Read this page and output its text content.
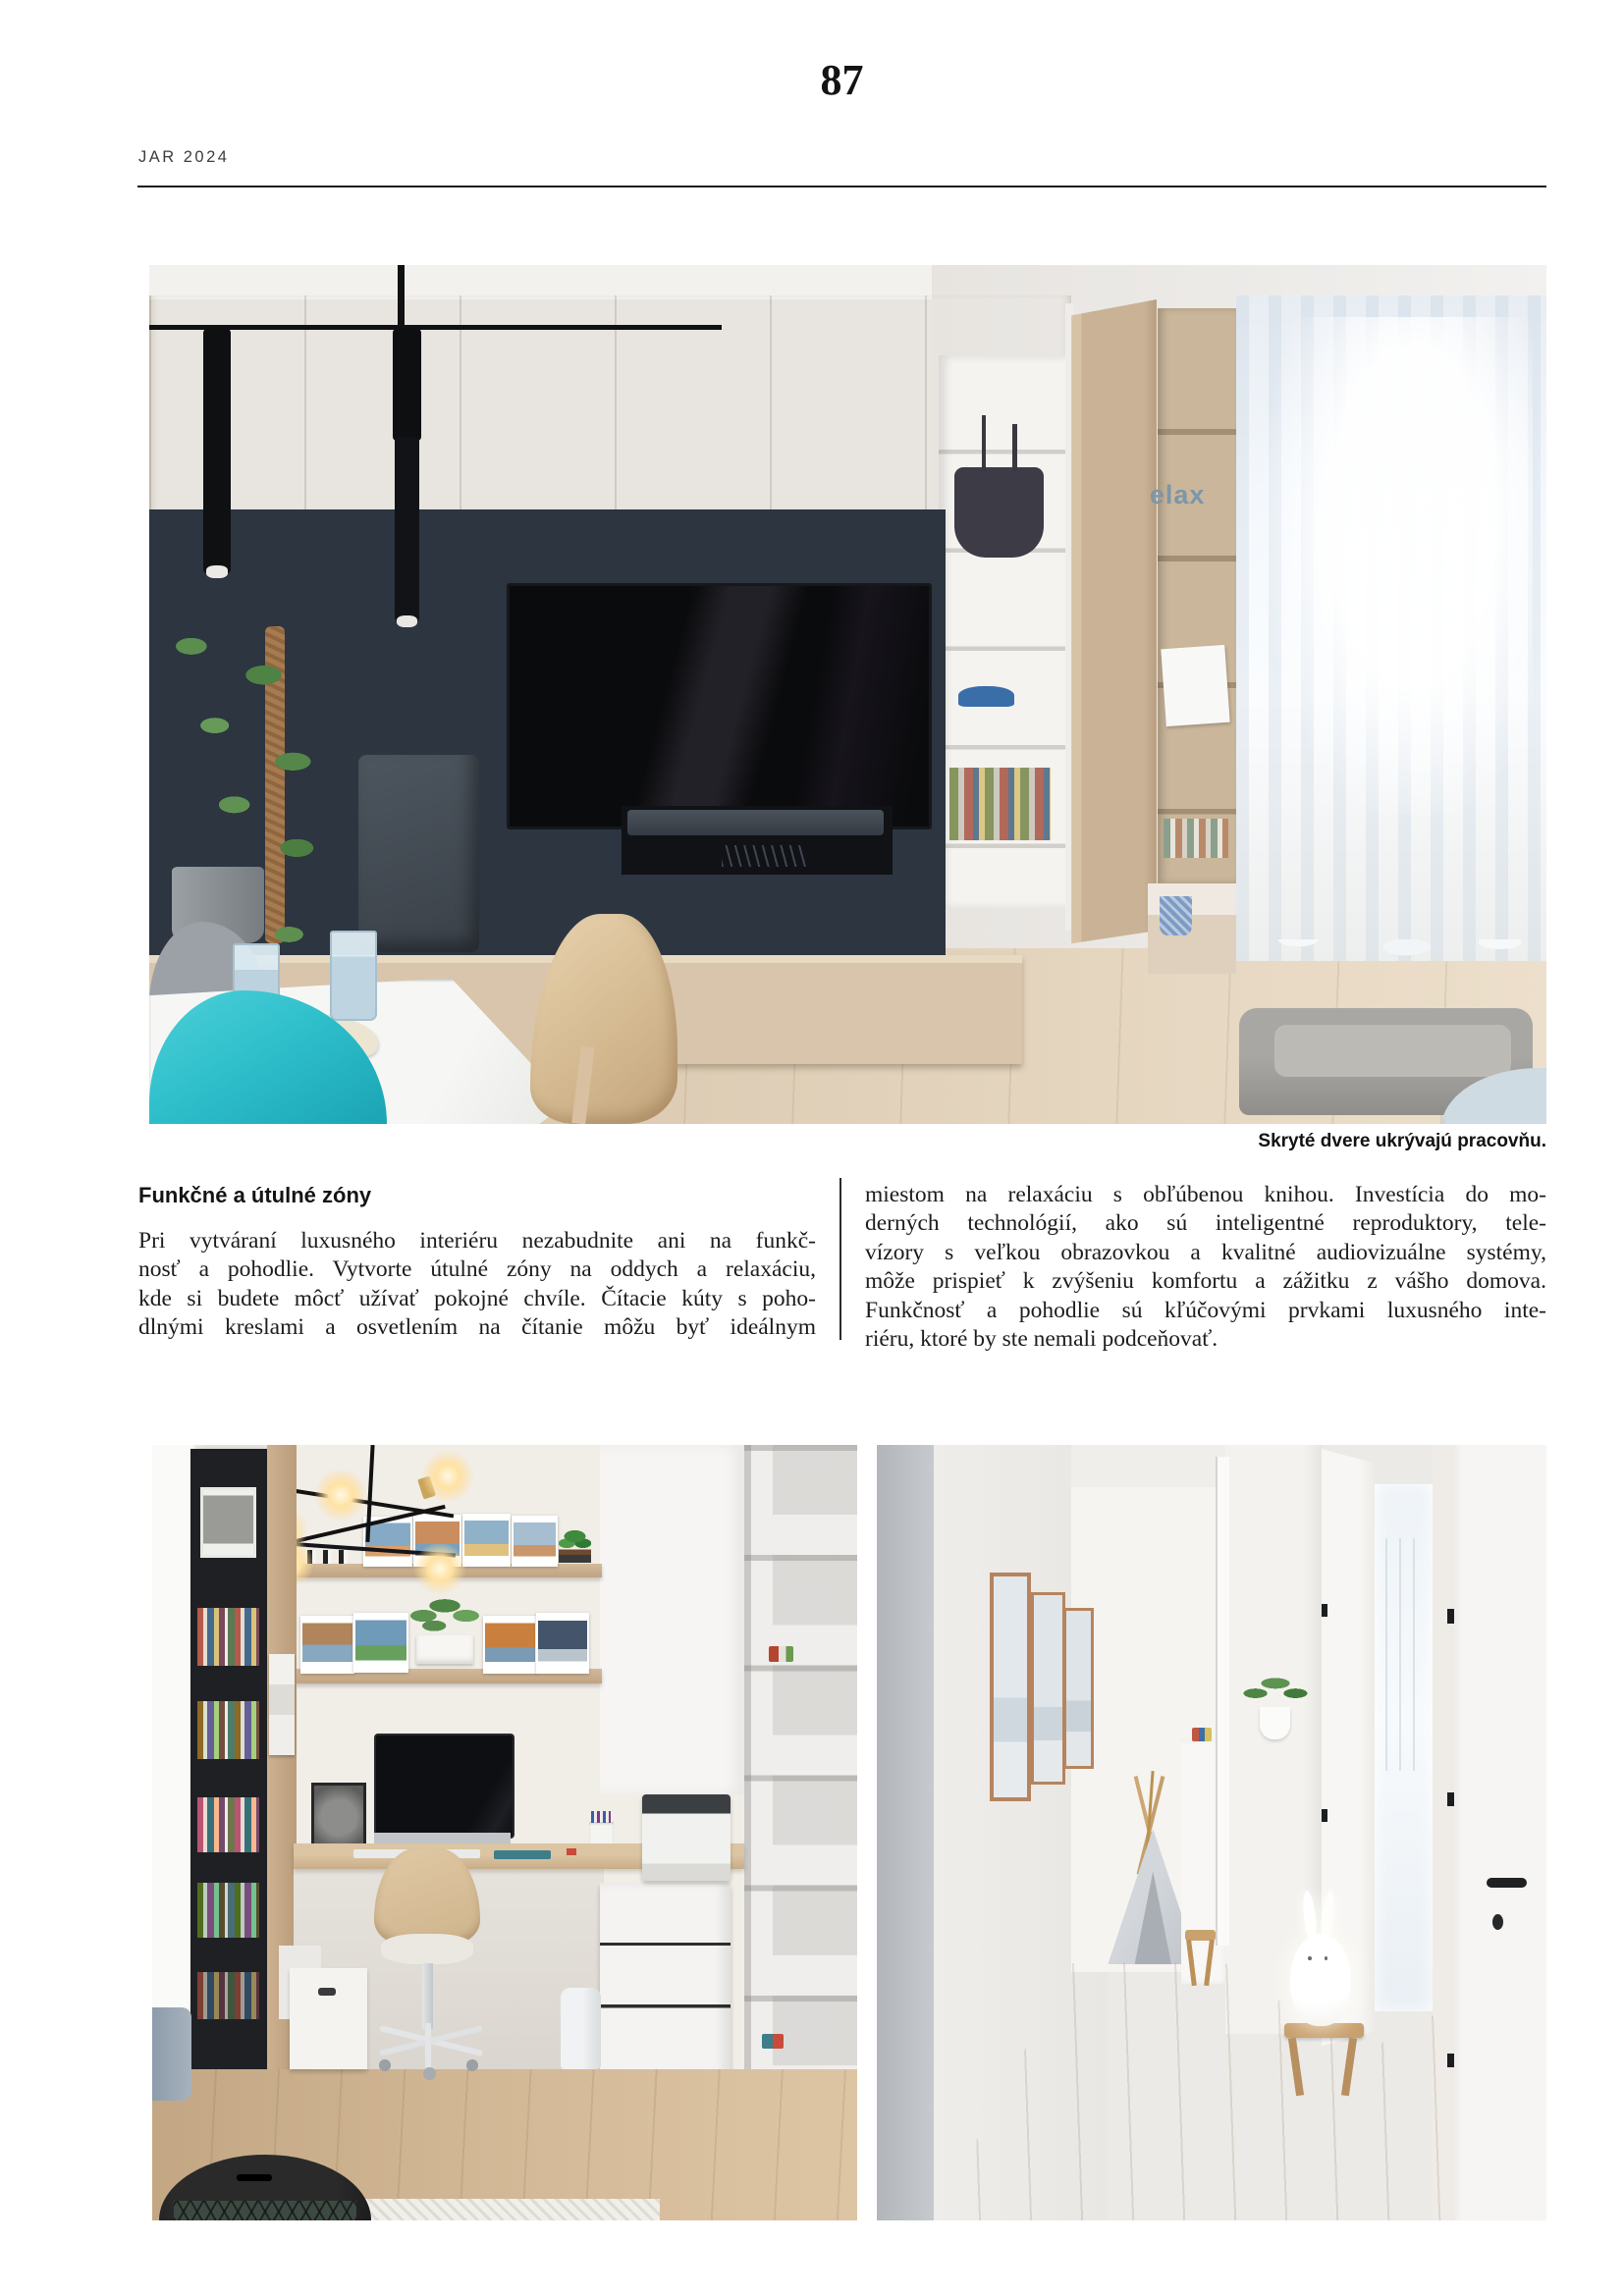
87
JAR 2024
elax
Skryté dvere ukrývajú pracovňu.
Funkčné a útulné zóny
Pri vytváraní luxusného interiéru nezabudnite ani na funkč-
nosť a pohodlie. Vytvorte útulné zóny na oddych a relaxáciu,
kde si budete môcť užívať pokojné chvíle. Čítacie kúty s poho-
dlnými kreslami a osvetlením na čítanie môžu byť ideálnym
miestom na relaxáciu s obľúbenou knihou. Investícia do mo-
derných technológií, ako sú inteligentné reproduktory, tele-
vízory s veľkou obrazovkou a kvalitné audiovizuálne systémy,
môže prispieť k zvýšeniu komfortu a zážitku z vášho domova.
Funkčnosť a pohodlie sú kľúčovými prvkami luxusného inte-
riéru, ktoré by ste nemali podceňovať.
